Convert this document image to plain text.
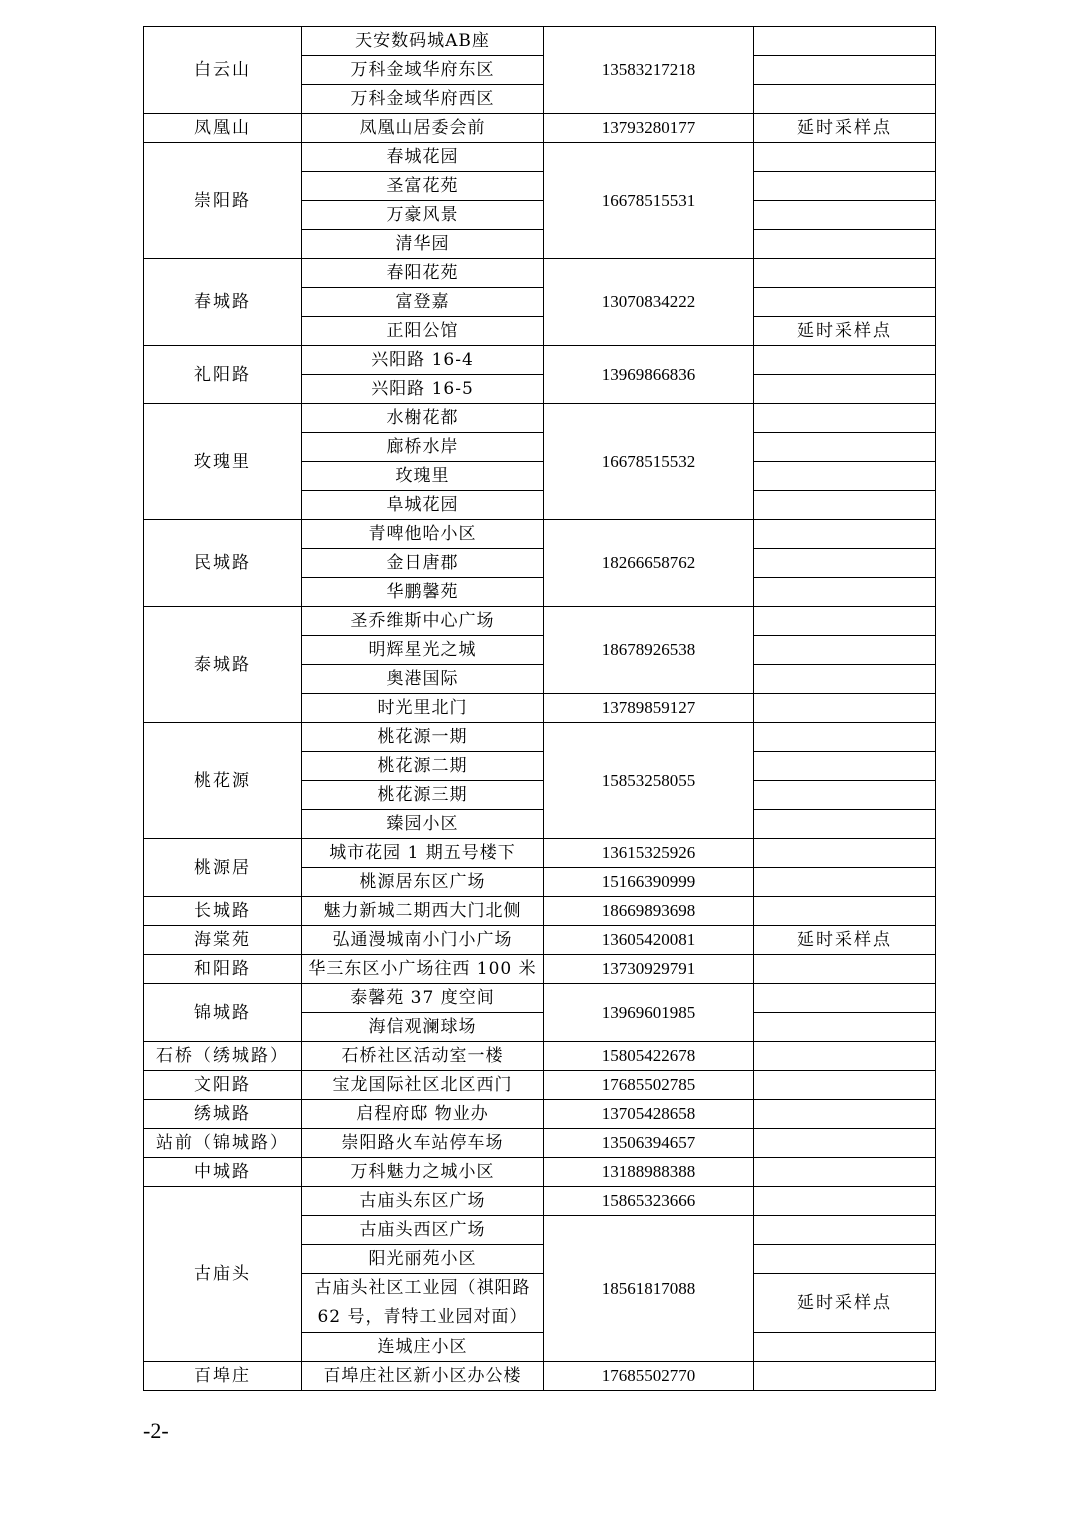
白云山	天安数码城AB座	13583217218	
	万科金域华府东区		
	万科金域华府西区		
凤凰山	凤凰山居委会前	13793280177	延时采样点
崇阳路	春城花园	16678515531	
	圣富花苑		
	万豪风景		
	清华园		
春城路	春阳花苑	13070834222	
	富登嘉		
	正阳公馆		延时采样点
礼阳路	兴阳路 16-4	13969866836	
	兴阳路 16-5		
玫瑰里	水榭花都	16678515532	
	廊桥水岸		
	玫瑰里		
	阜城花园		
民城路	青啤他哈小区	18266658762	
	金日唐郡		
	华鹏馨苑		
泰城路	圣乔维斯中心广场	18678926538	
	明辉星光之城		
	奥港国际		
	时光里北门	13789859127	
桃花源	桃花源一期	15853258055	
	桃花源二期		
	桃花源三期		
	臻园小区		
桃源居	城市花园 1 期五号楼下	13615325926	
	桃源居东区广场	15166390999	
长城路	魅力新城二期西大门北侧	18669893698	
海棠苑	弘通漫城南小门小广场	13605420081	延时采样点
和阳路	华三东区小广场往西 100 米	13730929791	
锦城路	泰馨苑 37 度空间	13969601985	
	海信观澜球场		
石桥（绣城路）	石桥社区活动室一楼	15805422678	
文阳路	宝龙国际社区北区西门	17685502785	
绣城路	启程府邸 物业办	13705428658	
站前（锦城路）	崇阳路火车站停车场	13506394657	
中城路	万科魅力之城小区	13188988388	
古庙头	古庙头东区广场	15865323666	
	古庙头西区广场	18561817088	
	阳光丽苑小区		
	古庙头社区工业园（祺阳路 62 号，青特工业园对面）		延时采样点
	连城庄小区		
百埠庄	百埠庄社区新小区办公楼	17685502770	
-2-
